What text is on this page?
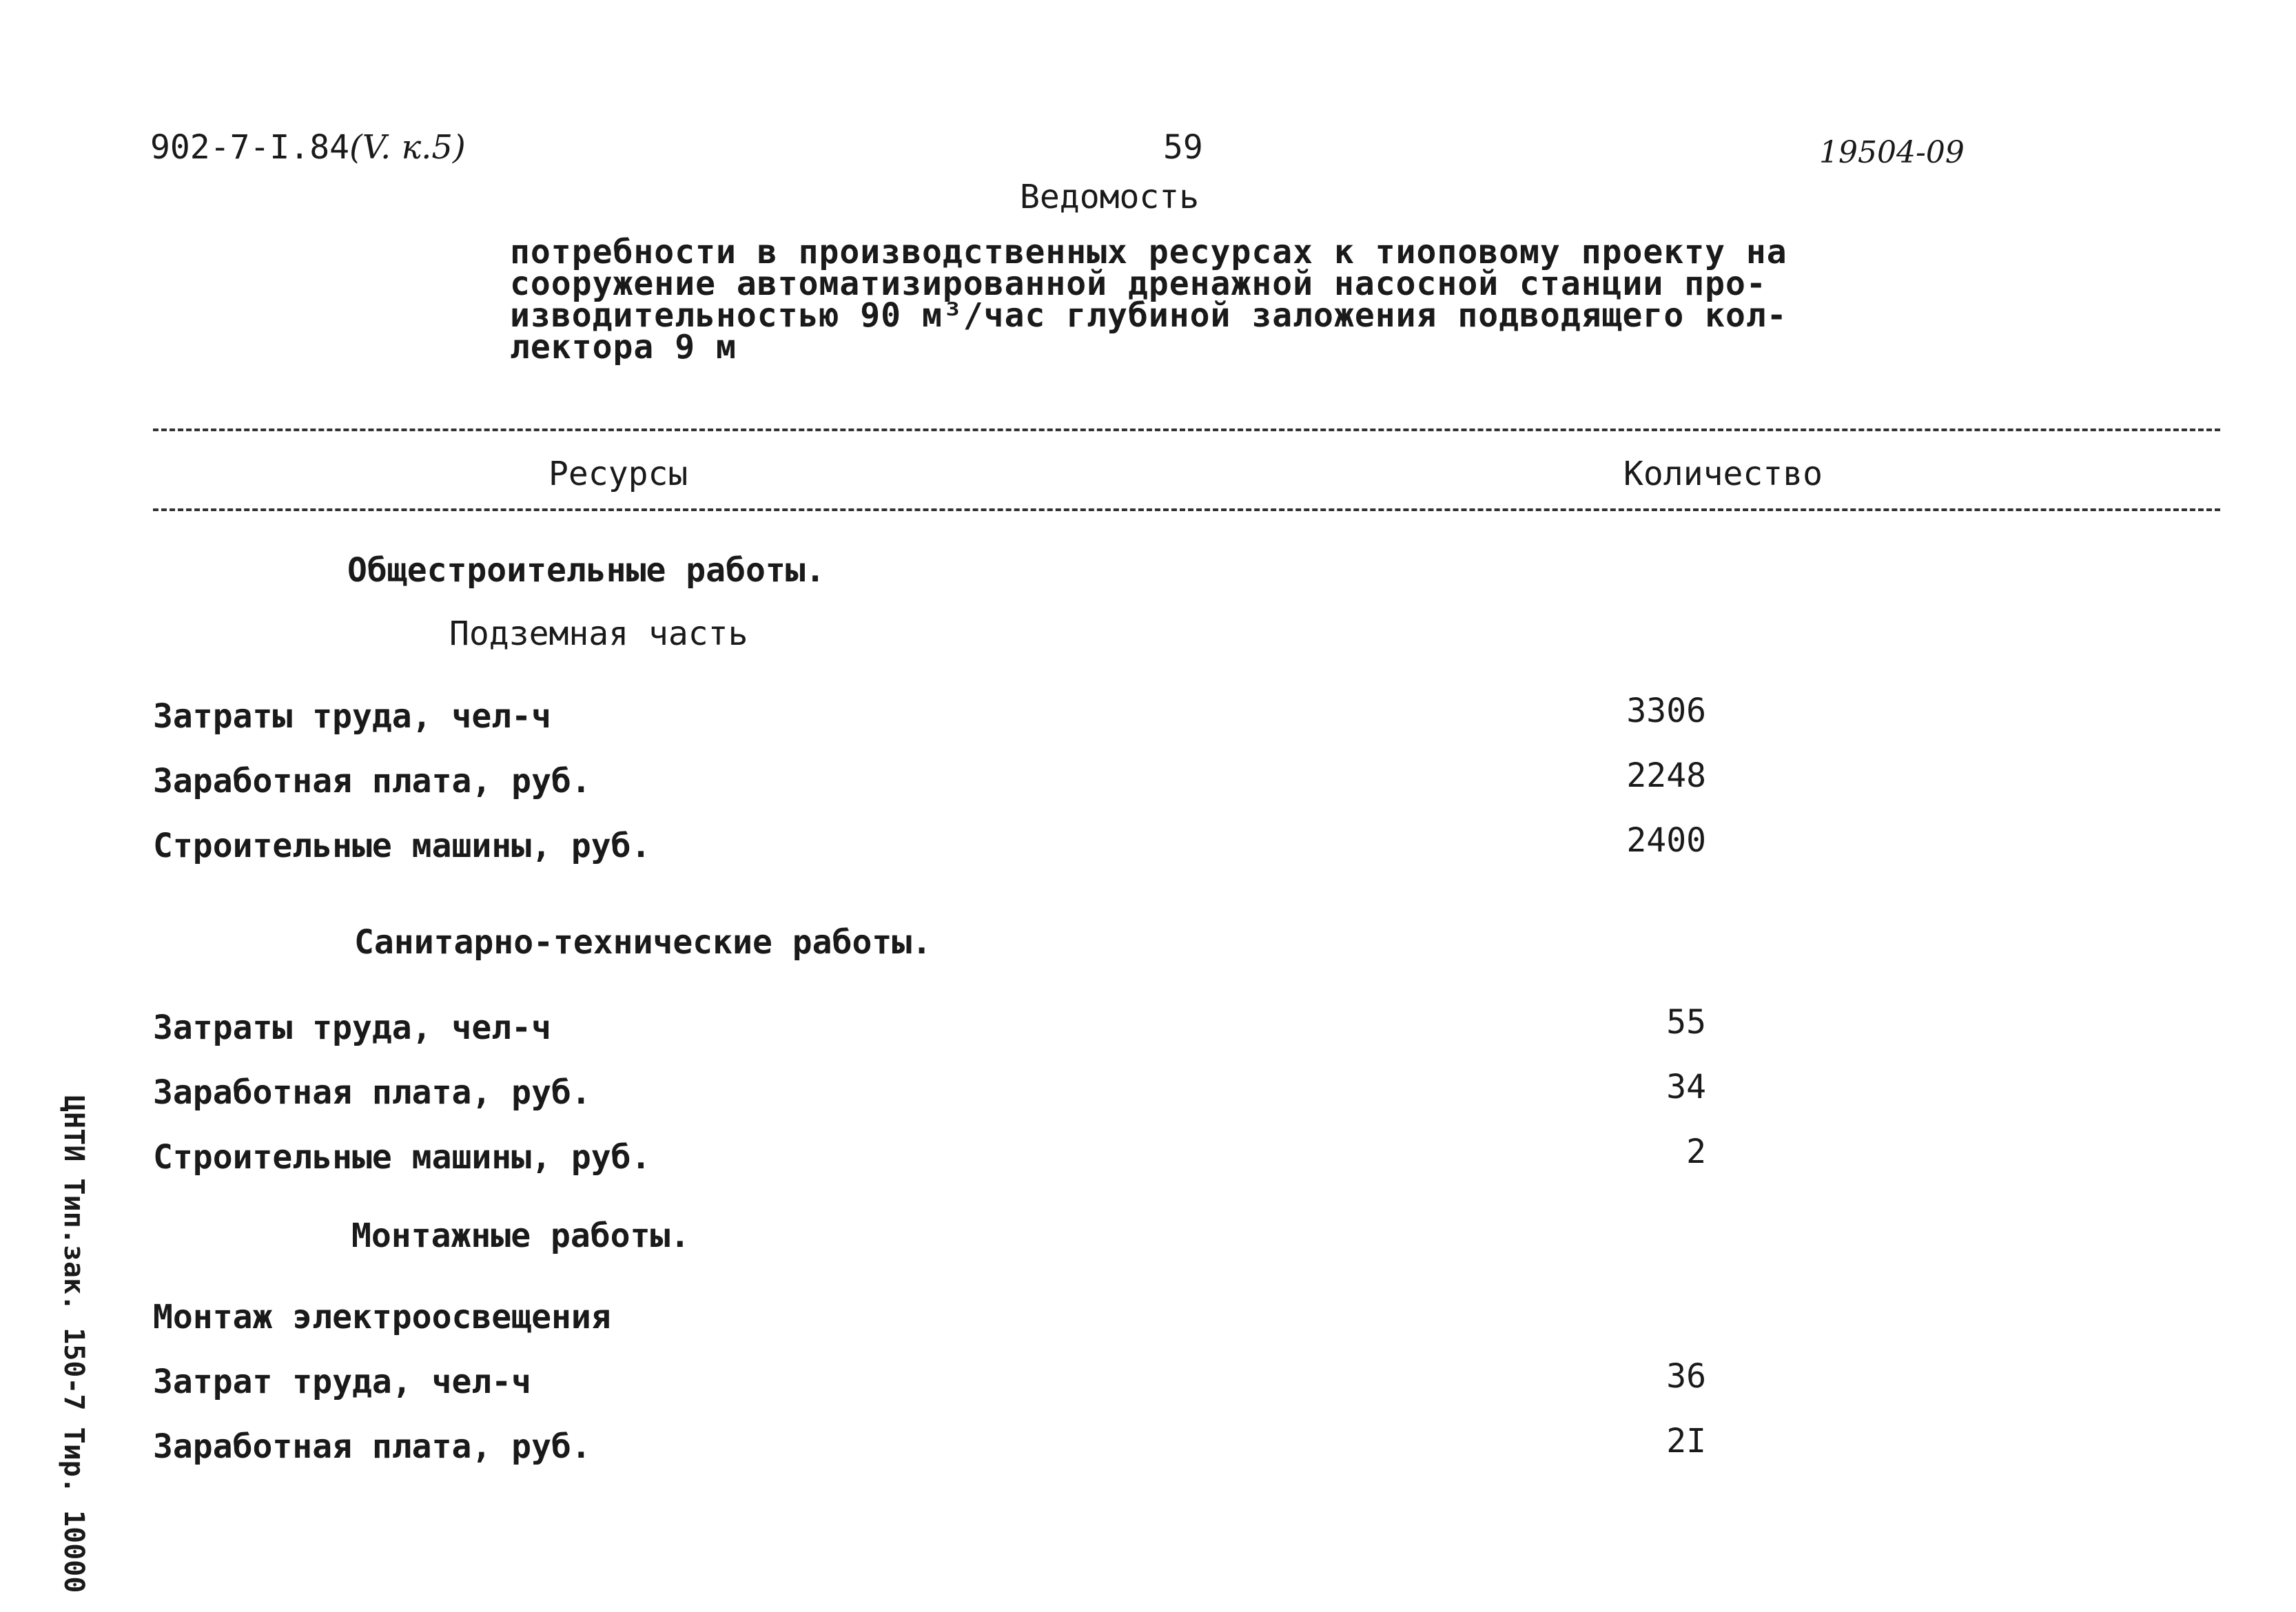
902-7-I.84(V. к.5)	59	19504-09
Ведомость
потребности в производственных ресурсах к тиоповому проекту на
сооружение автоматизированной дренажной насосной станции про-
изводительностью 90 м³/час глубиной заложения подводящего кол-
лектора 9 м
Ресурсы	Количество
Общестроительные работы.
Подземная часть
Затраты труда, чел-ч	3306
Заработная плата, руб.	2248
Строительные машины, руб.	2400
Санитарно-технические работы.
Затраты труда, чел-ч	55
Заработная плата, руб.	34
Строительные машины, руб.	2
Монтажные работы.
Монтаж электроосвещения
Затрат труда, чел-ч	36
Заработная плата, руб.	2I
ЦНТИ Тип.зак. 150-7 Тир. 10000
